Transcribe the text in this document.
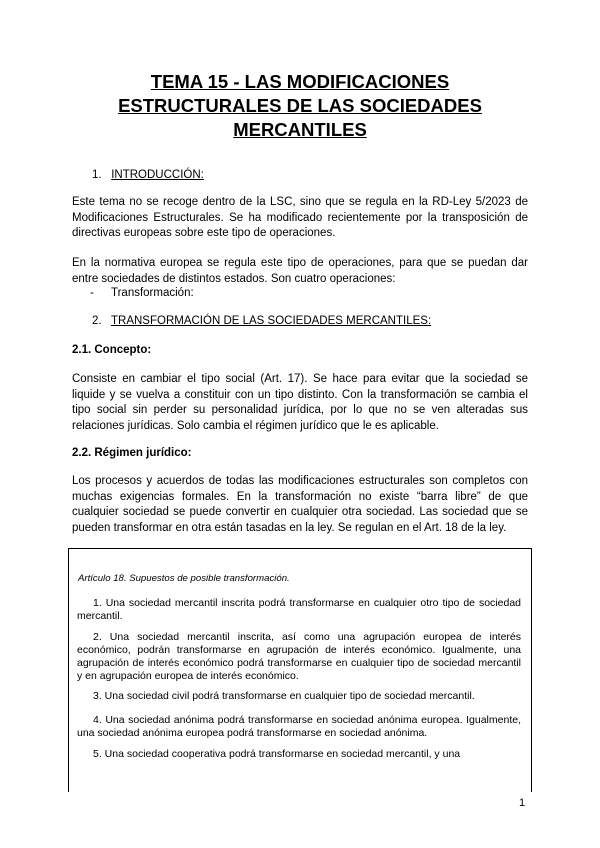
TEMA 15 - LAS MODIFICACIONES
ESTRUCTURALES DE LAS SOCIEDADES
MERCANTILES

1. INTRODUCCIÓN:

Este tema no se recoge dentro de la LSC, sino que se regula en la RD-Ley 5/2023 de Modificaciones Estructurales. Se ha modificado recientemente por la transposición de directivas europeas sobre este tipo de operaciones.

En la normativa europea se regula este tipo de operaciones, para que se puedan dar entre sociedades de distintos estados. Son cuatro operaciones:

- Transformación:

2. TRANSFORMACIÓN DE LAS SOCIEDADES MERCANTILES:

2.1. Concepto:

Consiste en cambiar el tipo social (Art. 17). Se hace para evitar que la sociedad se liquide y se vuelva a constituir con un tipo distinto. Con la transformación se cambia el tipo social sin perder su personalidad jurídica, por lo que no se ven alteradas sus relaciones jurídicas. Solo cambia el régimen jurídico que le es aplicable.

2.2. Régimen jurídico:

Los procesos y acuerdos de todas las modificaciones estructurales son completos con muchas exigencias formales. En la transformación no existe “barra libre” de que cualquier sociedad se puede convertir en cualquier otra sociedad. Las sociedad que se pueden transformar en otra están tasadas en la ley. Se regulan en el Art. 18 de la ley.

Artículo 18. Supuestos de posible transformación.

1. Una sociedad mercantil inscrita podrá transformarse en cualquier otro tipo de sociedad mercantil.

2. Una sociedad mercantil inscrita, así como una agrupación europea de interés económico, podrán transformarse en agrupación de interés económico. Igualmente, una agrupación de interés económico podrá transformarse en cualquier tipo de sociedad mercantil y en agrupación europea de interés económico.

3. Una sociedad civil podrá transformarse en cualquier tipo de sociedad mercantil.

4. Una sociedad anónima podrá transformarse en sociedad anónima europea. Igualmente, una sociedad anónima europea podrá transformarse en sociedad anónima.

5. Una sociedad cooperativa podrá transformarse en sociedad mercantil, y una

1
